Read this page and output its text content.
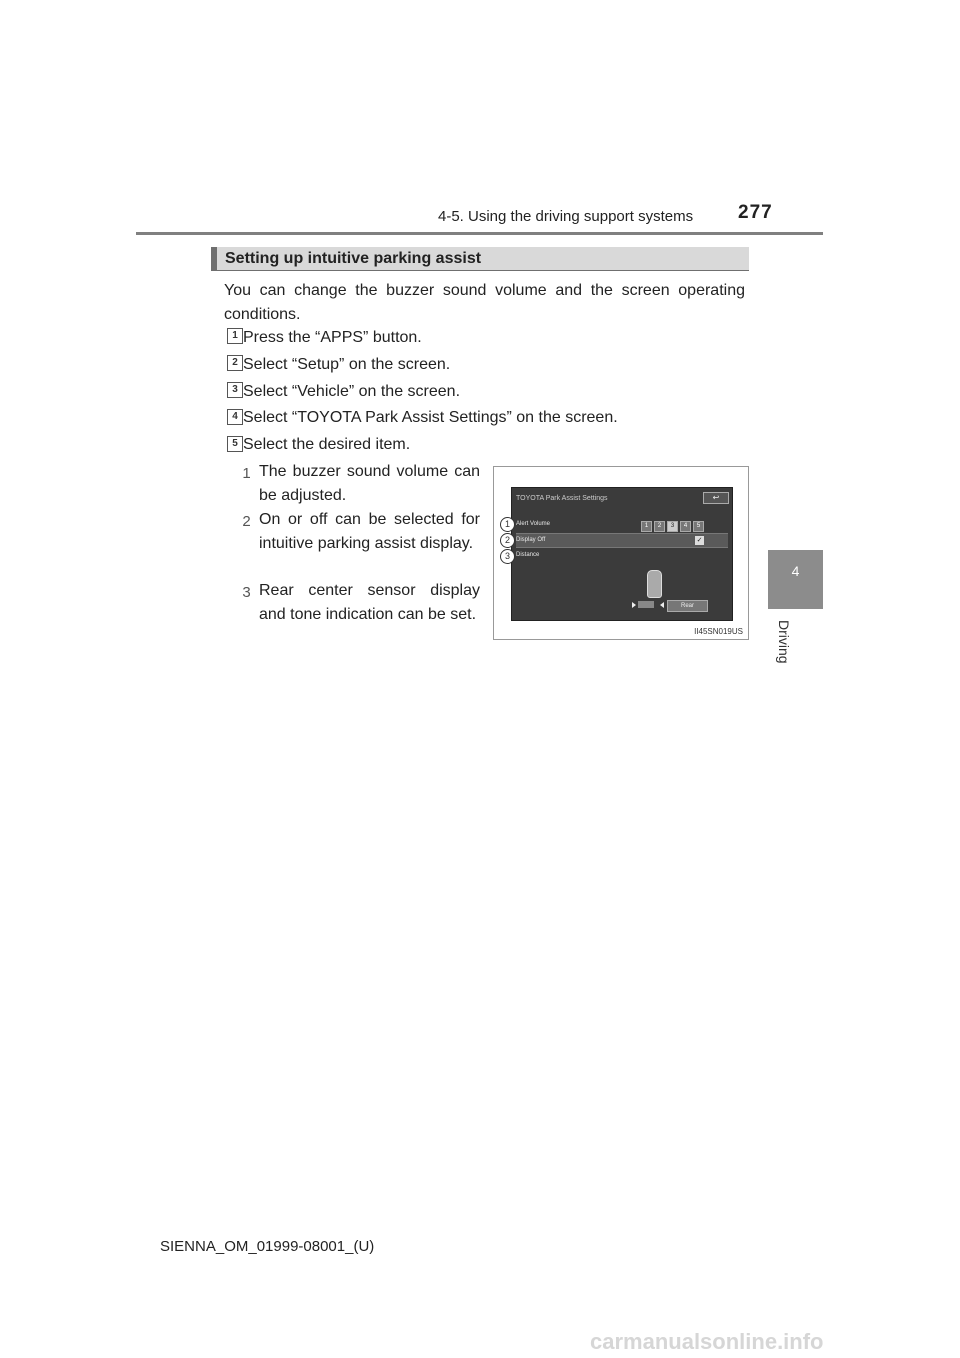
4-5. Using the driving support systems 277
4
Driving
Setting up intuitive parking assist
You can change the buzzer sound volume and the screen operating conditions.
1 Press the “APPS” button.
2 Select “Setup” on the screen.
3 Select “Vehicle” on the screen.
4 Select “TOYOTA Park Assist Settings” on the screen.
5 Select the desired item.
1 The buzzer sound volume can be adjusted.
2 On or off can be selected for intuitive parking assist display.
3 Rear center sensor display and tone indication can be set.
TOYOTA Park Assist Settings	↩
Alert Volume	1 2 3 4 5
Display Off	✓
Distance
Rear
1
2
3
II45SN019US
SIENNA_OM_01999-08001_(U)
carmanualsonline.info
